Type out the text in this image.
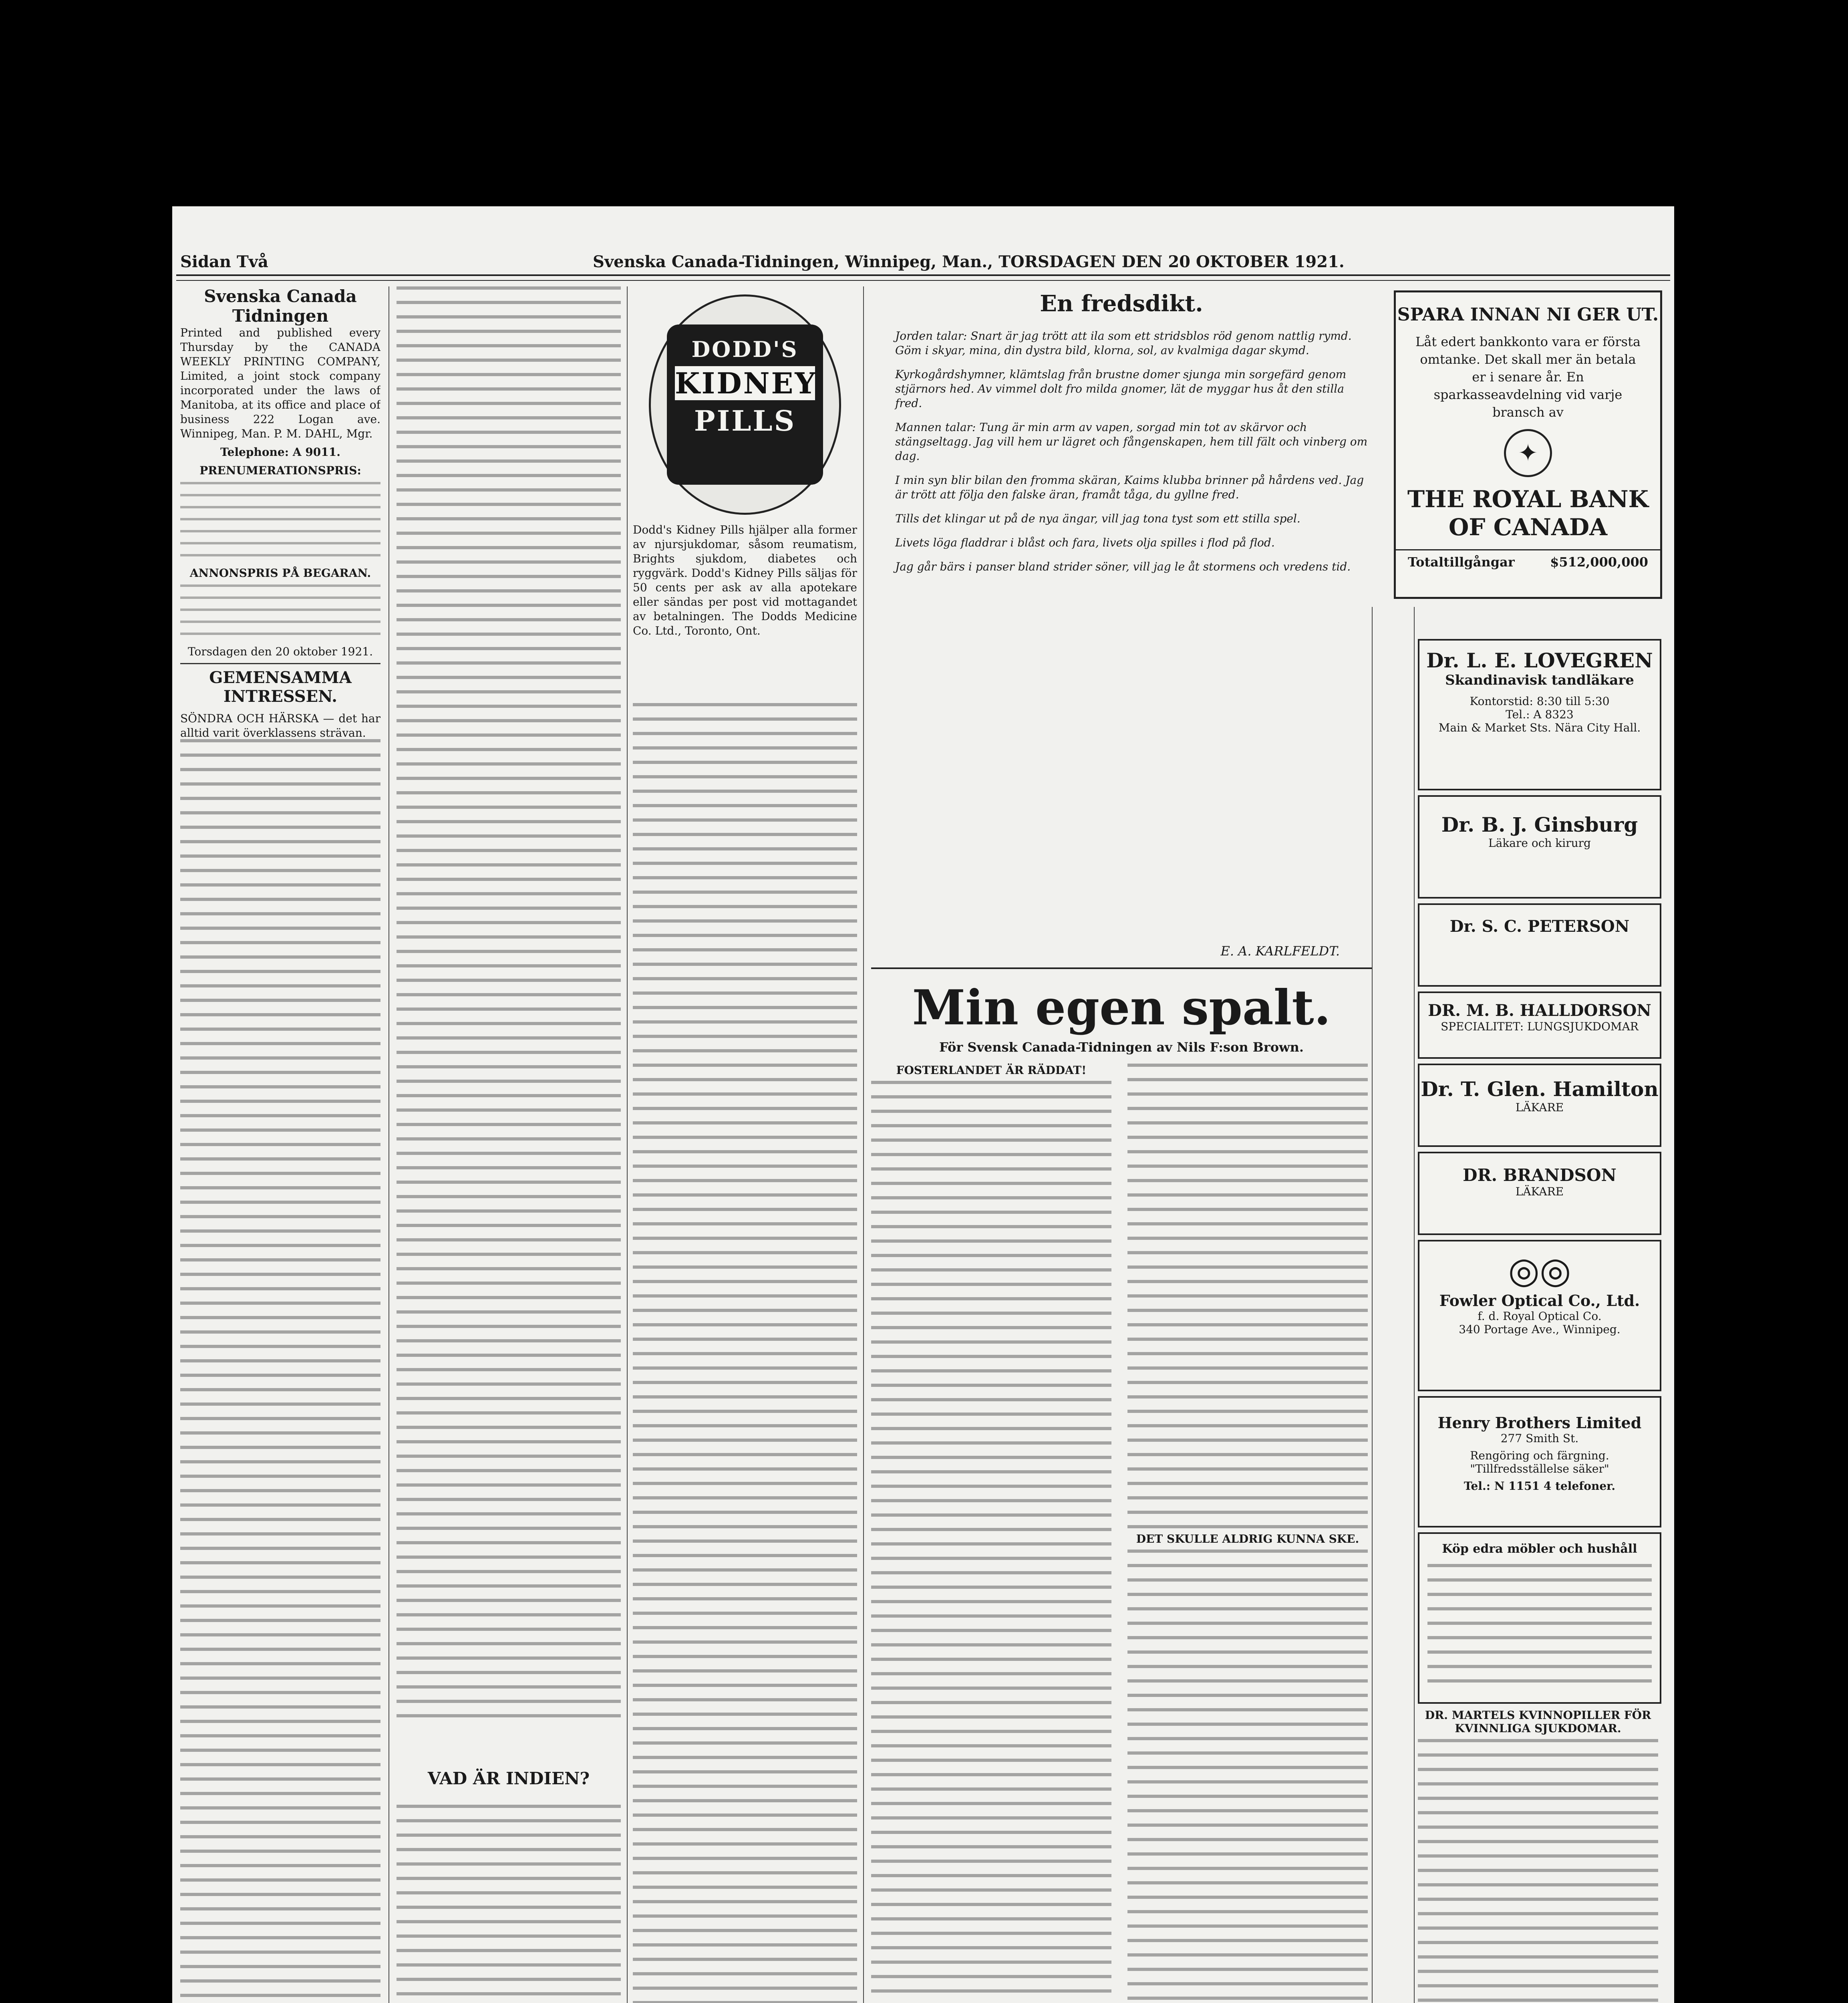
Sidan Två	Svenska Canada-Tidningen, Winnipeg, Man., TORSDAGEN DEN 20 OKTOBER 1921.
Svenska Canada Tidningen

Printed and published every Thursday by the CANADA WEEKLY PRINTING COMPANY, Limited, a joint stock company incorporated under the laws of Manitoba, at its office and place of business 222 Logan ave. Winnipeg, Man. P. M. DAHL, Mgr.

Telephone: A 9011.

PRENUMERATIONSPRIS:

ANNONSPRIS PÅ BEGARAN.

Torsdagen den 20 oktober 1921.

GEMENSAMMA INTRESSEN.

SÖNDRA OCH HÄRSKA — det har alltid varit överklassens strävan.

VAD ÄR INDIEN?
DODD'S
KIDNEY
PILLS

Dodd's Kidney Pills hjälper alla former av njursjukdomar, såsom reumatism, Brights sjukdom, diabetes och ryggvärk. Dodd's Kidney Pills säljas för 50 cents per ask av alla apotekare eller sändas per post vid mottagandet av betalningen. The Dodds Medicine Co. Ltd., Toronto, Ont.

En fredsdikt.
Jorden talar: Snart är jag trött att ila som ett stridsblos röd genom nattlig rymd. Göm i skyar, mina, din dystra bild, klorna, sol, av kvalmiga dagar skymd.
Kyrkogårdshymner, klämtslag från brustne domer sjunga min sorgefärd genom stjärnors hed. Av vimmel dolt fro milda gnomer, lät de myggar hus åt den stilla fred.
Mannen talar: Tung är min arm av vapen, sorgad min tot av skärvor och stängseltagg. Jag vill hem ur lägret och fångenskapen, hem till fält och vinberg om dag.
I min syn blir bilan den fromma skäran, Kaims klubba brinner på hårdens ved. Jag är trött att följa den falske äran, framåt tåga, du gyllne fred.
Tills det klingar ut på de nya ängar, vill jag tona tyst som ett stilla spel.
Livets löga fladdrar i blåst och fara, livets olja spilles i flod på flod.
Jag går bärs i panser bland strider söner, vill jag le åt stormens och vredens tid.
E. A. KARLFELDT.
Min egen spalt.
För Svensk Canada-Tidningen av Nils F:son Brown.
FOSTERLANDET ÄR RÄDDAT!
DET SKULLE ALDRIG KUNNA SKE.
SPARA INNAN NI GER UT.
Låt edert bankkonto vara er första omtanke. Det skall mer än betala er i senare år. En sparkasseavdelning vid varje bransch av
✦
THE ROYAL BANK OF CANADA
Totaltillgångar	$512,000,000
Dr. L. E. LOVEGREN
Skandinavisk tandläkare
Kontorstid: 8:30 till 5:30
Tel.: A 8323
Main & Market Sts. Nära City Hall.
Dr. B. J. Ginsburg
Läkare och kirurg
Dr. S. C. PETERSON
DR. M. B. HALLDORSON
SPECIALITET: LUNGSJUKDOMAR
Dr. T. Glen. Hamilton
LÄKARE
DR. BRANDSON
LÄKARE
◎◎
Fowler Optical Co., Ltd.
f. d. Royal Optical Co.
340 Portage Ave., Winnipeg.
Henry Brothers Limited
277 Smith St.
Rengöring och färgning. "Tillfredsställelse säker"
Tel.: N 1151 4 telefoner.
Köp edra möbler och hushåll
DR. MARTELS KVINNOPILLER FÖR KVINNLIGA SJUKDOMAR.
